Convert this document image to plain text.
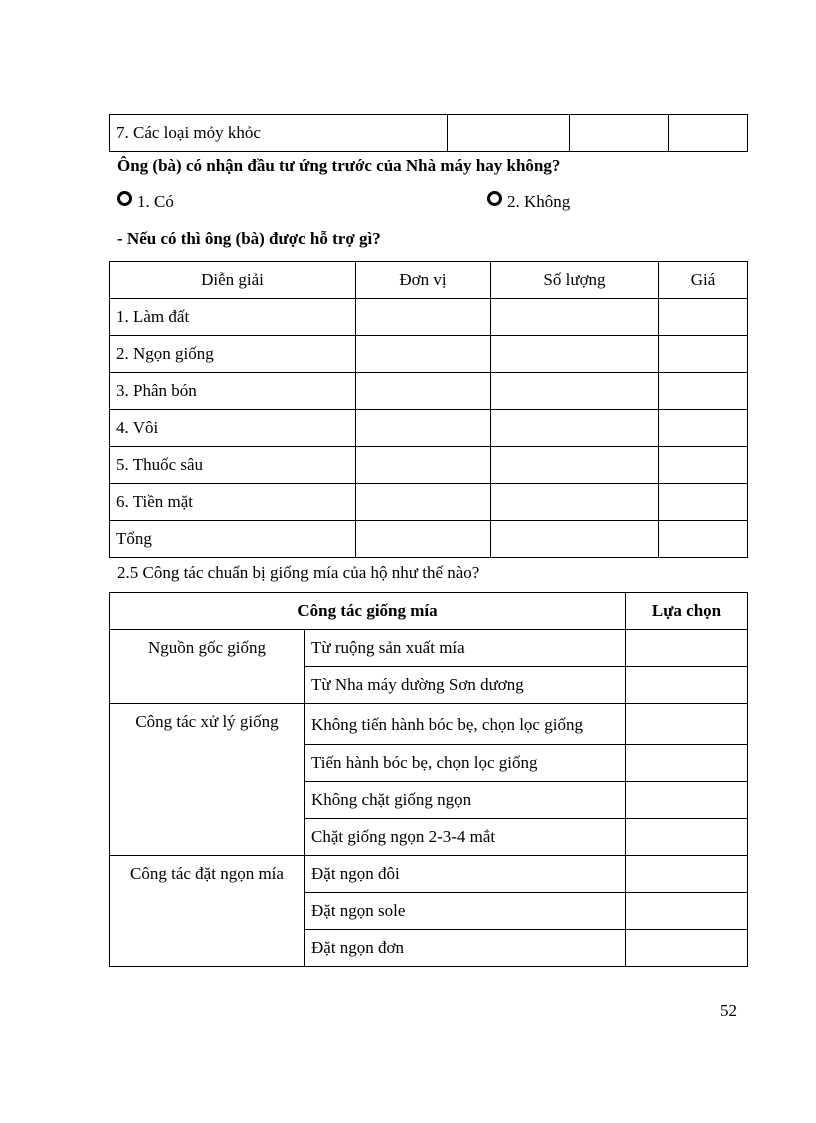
7. Các loại mỏy khỏc			
Ông (bà) có nhận đầu tư ứng trước của Nhà máy hay không?
1. Có	2. Không
- Nếu có thì ông (bà) được hỗ trợ gì?
Diễn giải	Đơn vị	Số lượng	Giá
1. Làm đất			
2. Ngọn giống			
3. Phân bón			
4. Vôi			
5. Thuốc sâu			
6. Tiền mặt			
Tổng			
2.5 Công tác chuẩn bị giống mía của hộ như thế nào?
Công tác giống mía		Lựa chọn
Nguồn gốc giống	Từ ruộng sản xuất mía	
	Từ Nha máy dường Sơn dương	
Công tác xử lý giống	Không tiến hành bóc bẹ, chọn lọc giống	
	Tiến hành bóc bẹ, chọn lọc giống	
	Không chặt giống ngọn	
	Chặt giống ngọn 2-3-4 mắt	
Công tác đặt ngọn mía	Đặt ngọn đôi	
	Đặt ngọn sole	
	Đặt ngọn đơn	
52
